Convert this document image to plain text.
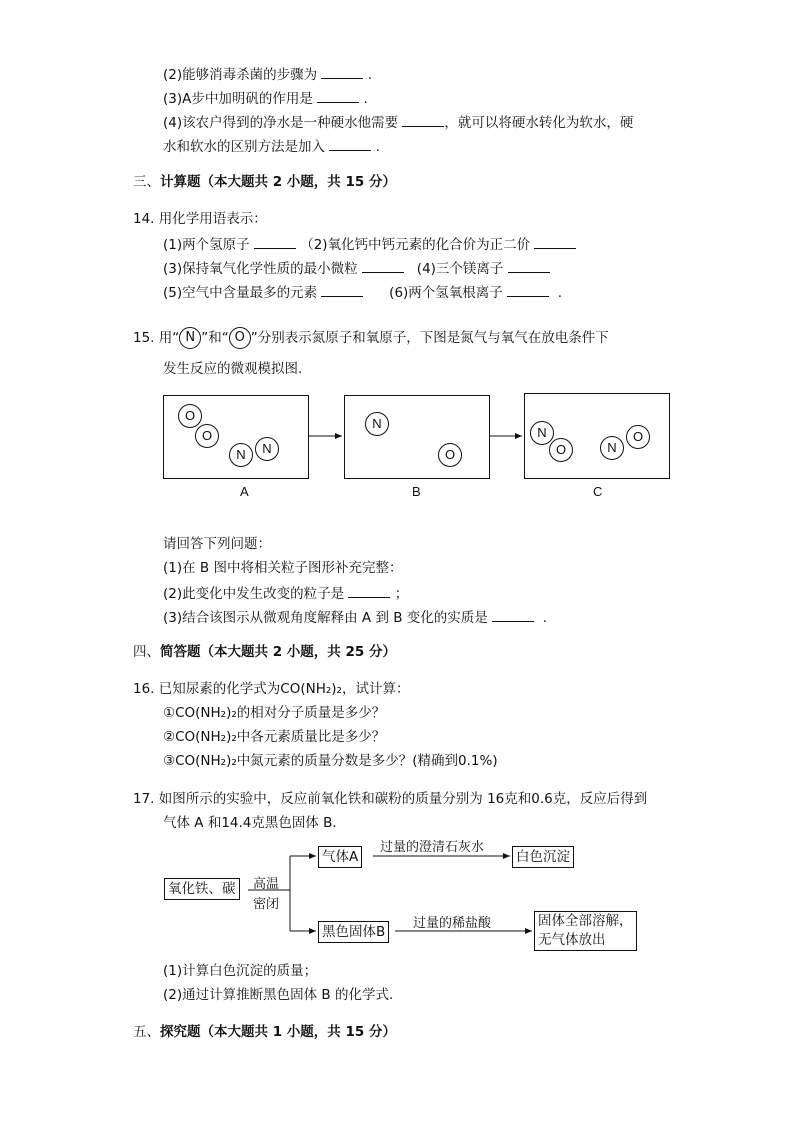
(2)能够消毒杀菌的步骤为	.
(3)A步中加明矾的作用是	.
(4)该农户得到的净水是一种硬水他需要	，就可以将硬水转化为软水，硬
水和软水的区别方法是加入	.
三、计算题（本大题共 2 小题，共 15 分）
14. 用化学用语表示：
(1)两个氢原子	（2)氧化钙中钙元素的化合价为正二价
(3)保持氧气化学性质的最小微粒	(4)三个镁离子
(5)空气中含量最多的元素	(6)两个氢氧根离子	.
15. 用“ N ”和“ O ”分别表示氮原子和氧原子，下图是氮气与氧气在放电条件下
发生反应的微观模拟图.
O
O
N	N
N
O
N
O	N
O
A	B	C
请回答下列问题：
(1)在 B 图中将相关粒子图形补充完整：
(2)此变化中发生改变的粒子是	；
(3)结合该图示从微观角度解释由 A 到 B 变化的实质是	.
四、简答题（本大题共 2 小题，共 25 分）
16. 已知尿素的化学式为CO(NH₂)₂，试计算：
①CO(NH₂)₂的相对分子质量是多少？
②CO(NH₂)₂中各元素质量比是多少？
③CO(NH₂)₂中氮元素的质量分数是多少？(精确到0.1%)
17. 如图所示的实验中，反应前氧化铁和碳粉的质量分别为 16克和0.6克，反应后得到
气体 A 和14.4克黑色固体 B．
氧化铁、碳	高温
密闭
气体A
过量的澄清石灰水
白色沉淀
黑色固体B
过量的稀盐酸	固体全部溶解，
无气体放出
(1)计算白色沉淀的质量；
(2)通过计算推断黑色固体 B 的化学式.
五、探究题（本大题共 1 小题，共 15 分）
